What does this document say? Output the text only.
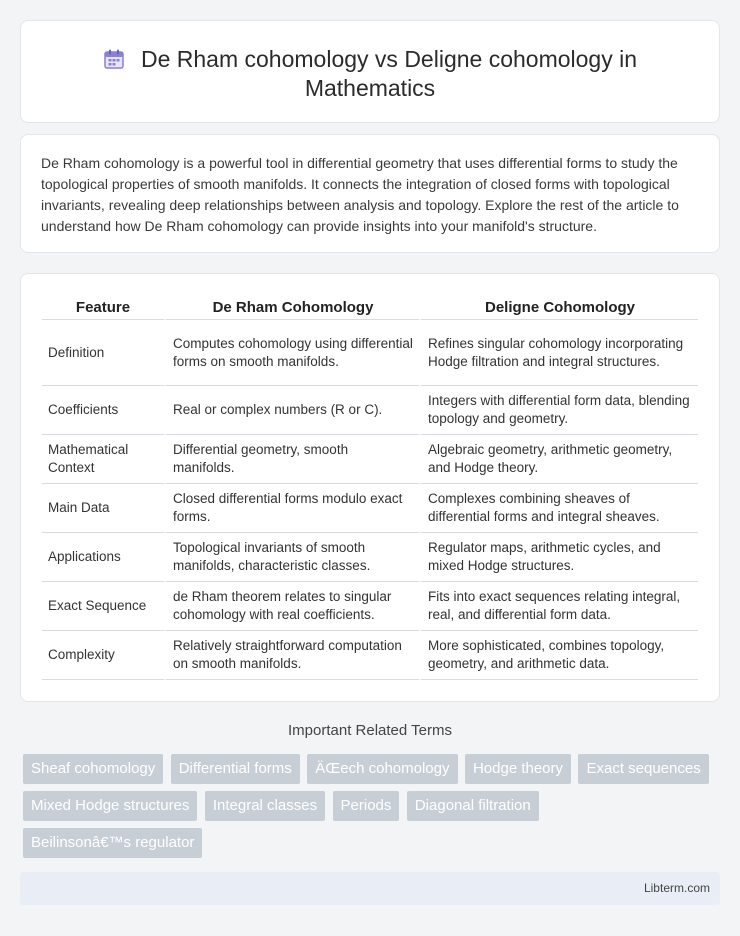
De Rham cohomology vs Deligne cohomology in
Mathematics

De Rham cohomology is a powerful tool in differential geometry that uses differential forms to study the topological properties of smooth manifolds. It connects the integration of closed forms with topological invariants, revealing deep relationships between analysis and topology. Explore the rest of the article to understand how De Rham cohomology can provide insights into your manifold's structure.

Feature	De Rham Cohomology	Deligne Cohomology
Definition	Computes cohomology using differential forms on smooth manifolds.	Refines singular cohomology incorporating Hodge filtration and integral structures.
Coefficients	Real or complex numbers (R or C).	Integers with differential form data, blending topology and geometry.
Mathematical Context	Differential geometry, smooth manifolds.	Algebraic geometry, arithmetic geometry, and Hodge theory.
Main Data	Closed differential forms modulo exact forms.	Complexes combining sheaves of differential forms and integral sheaves.
Applications	Topological invariants of smooth manifolds, characteristic classes.	Regulator maps, arithmetic cycles, and mixed Hodge structures.
Exact Sequence	de Rham theorem relates to singular cohomology with real coefficients.	Fits into exact sequences relating integral, real, and differential form data.
Complexity	Relatively straightforward computation on smooth manifolds.	More sophisticated, combines topology, geometry, and arithmetic data.
Important Related Terms
Sheaf cohomology Differential forms ÄŒech cohomology Hodge theory Exact sequences Mixed Hodge structures Integral classes Periods Diagonal filtration Beilinsonâ€™s regulator
Libterm.com
